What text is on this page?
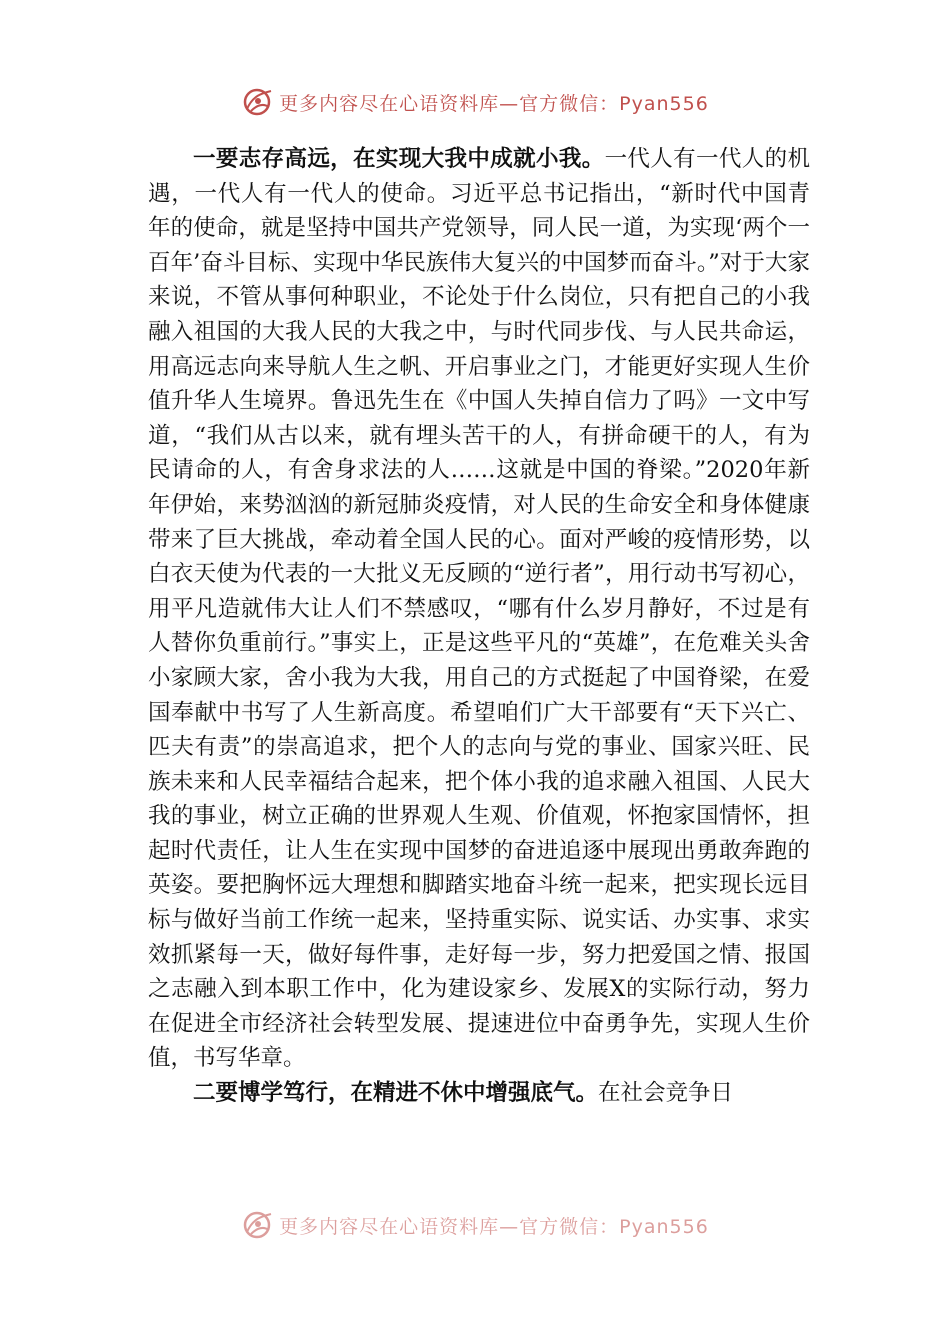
更多内容尽在心语资料库—官方微信：Pyan556

一要志存高远，在实现大我中成就小我。一代人有一代人的机遇，一代人有一代人的使命。习近平总书记指出，“新时代中国青年的使命，就是坚持中国共产党领导，同人民一道，为实现‘两个一百年’奋斗目标、实现中华民族伟大复兴的中国梦而奋斗。”对于大家来说，不管从事何种职业，不论处于什么岗位，只有把自己的小我融入祖国的大我人民的大我之中，与时代同步伐、与人民共命运，用高远志向来导航人生之帆、开启事业之门，才能更好实现人生价值升华人生境界。鲁迅先生在《中国人失掉自信力了吗》一文中写道，“我们从古以来，就有埋头苦干的人，有拼命硬干的人，有为民请命的人，有舍身求法的人……这就是中国的脊梁。”2020年新年伊始，来势汹汹的新冠肺炎疫情，对人民的生命安全和身体健康带来了巨大挑战，牵动着全国人民的心。面对严峻的疫情形势，以白衣天使为代表的一大批义无反顾的“逆行者”，用行动书写初心，用平凡造就伟大让人们不禁感叹，“哪有什么岁月静好，不过是有人替你负重前行。”事实上，正是这些平凡的“英雄”，在危难关头舍小家顾大家，舍小我为大我，用自己的方式挺起了中国脊梁，在爱国奉献中书写了人生新高度。希望咱们广大干部要有“天下兴亡、匹夫有责”的崇高追求，把个人的志向与党的事业、国家兴旺、民族未来和人民幸福结合起来，把个体小我的追求融入祖国、人民大我的事业，树立正确的世界观人生观、价值观，怀抱家国情怀，担起时代责任，让人生在实现中国梦的奋进追逐中展现出勇敢奔跑的英姿。要把胸怀远大理想和脚踏实地奋斗统一起来，把实现长远目标与做好当前工作统一起来，坚持重实际、说实话、办实事、求实效抓紧每一天，做好每件事，走好每一步，努力把爱国之情、报国之志融入到本职工作中，化为建设家乡、发展X的实际行动，努力在促进全市经济社会转型发展、提速进位中奋勇争先，实现人生价值，书写华章。

二要博学笃行，在精进不休中增强底气。在社会竞争日

更多内容尽在心语资料库—官方微信：Pyan556
